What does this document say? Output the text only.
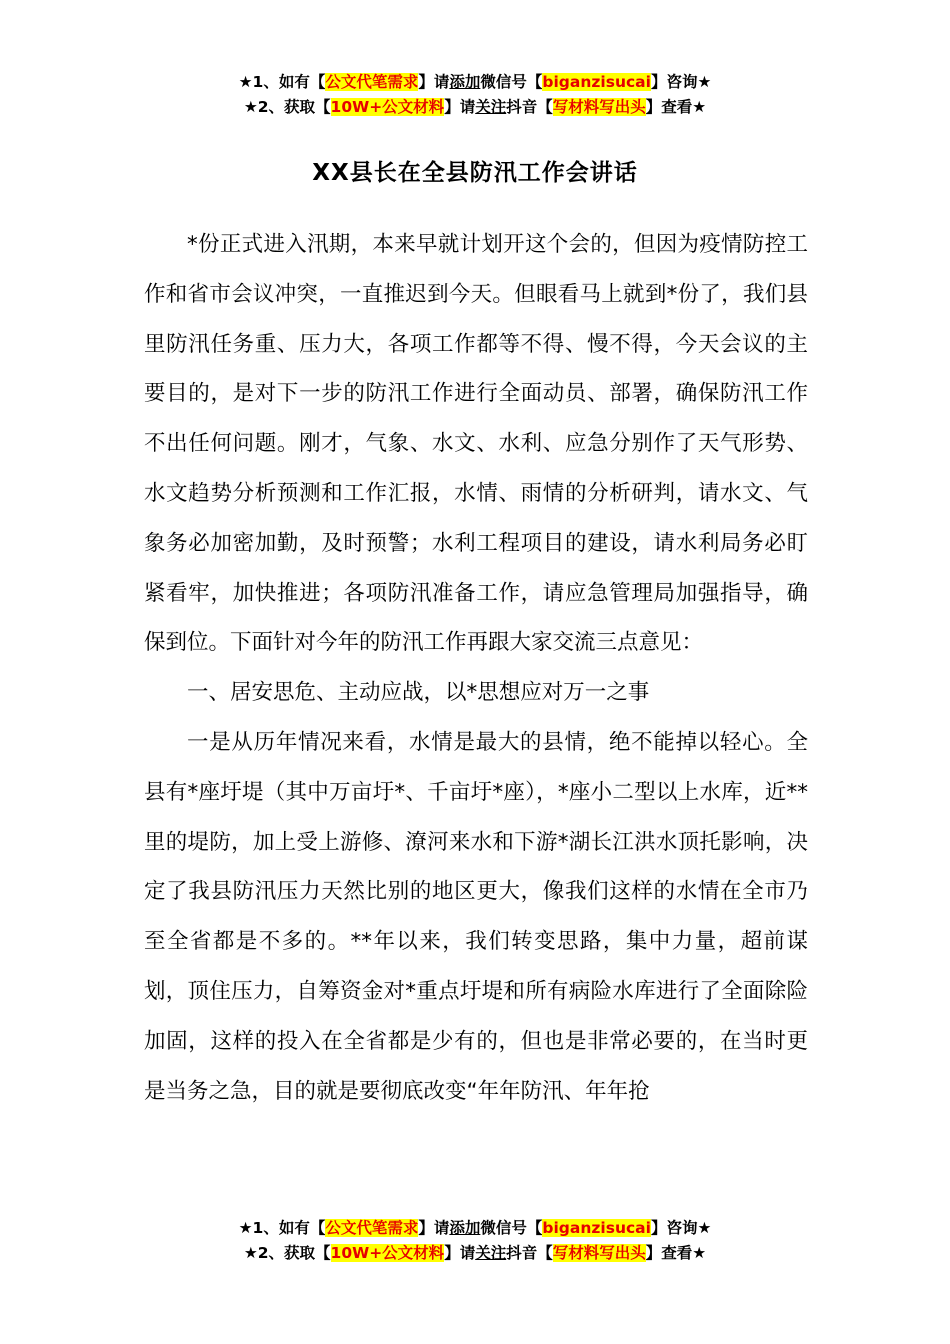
★1、如有【公文代笔需求】请添加微信号【biganzisucai】咨询★
★2、获取【10W+公文材料】请关注抖音【写材料写出头】查看★
XX县长在全县防汛工作会讲话

*份正式进入汛期，本来早就计划开这个会的，但因为疫情防控工作和省市会议冲突，一直推迟到今天。但眼看马上就到*份了，我们县里防汛任务重、压力大，各项工作都等不得、慢不得，今天会议的主要目的，是对下一步的防汛工作进行全面动员、部署，确保防汛工作不出任何问题。刚才，气象、水文、水利、应急分别作了天气形势、水文趋势分析预测和工作汇报，水情、雨情的分析研判，请水文、气象务必加密加勤，及时预警；水利工程项目的建设，请水利局务必盯紧看牢，加快推进；各项防汛准备工作，请应急管理局加强指导，确保到位。下面针对今年的防汛工作再跟大家交流三点意见：

一、居安思危、主动应战，以*思想应对万一之事

一是从历年情况来看，水情是最大的县情，绝不能掉以轻心。全县有*座圩堤（其中万亩圩*、千亩圩*座），*座小二型以上水库，近**里的堤防，加上受上游修、潦河来水和下游*湖长江洪水顶托影响，决定了我县防汛压力天然比别的地区更大，像我们这样的水情在全市乃至全省都是不多的。**年以来，我们转变思路，集中力量，超前谋划，顶住压力，自筹资金对*重点圩堤和所有病险水库进行了全面除险加固，这样的投入在全省都是少有的，但也是非常必要的，在当时更是当务之急，目的就是要彻底改变“年年防汛、年年抢

★1、如有【公文代笔需求】请添加微信号【biganzisucai】咨询★
★2、获取【10W+公文材料】请关注抖音【写材料写出头】查看★
